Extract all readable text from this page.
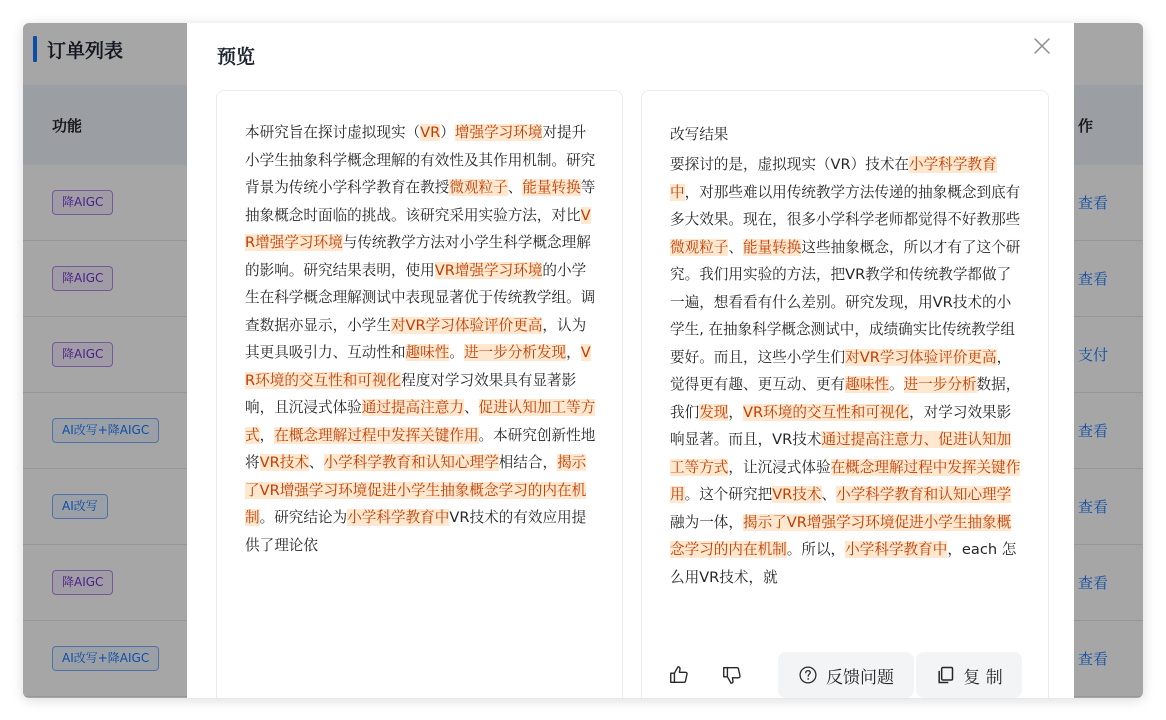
订单列表
功能	作
降AIGC	查看
降AIGC	查看
降AIGC	支付
AI改写+降AIGC	查看
AI改写	查看
降AIGC	查看
AI改写+降AIGC	查看
预览
本研究旨在探讨虚拟现实（VR）增强学习环境对提升小学生抽象科学概念理解的有效性及其作用机制。研究背景为传统小学科学教育在教授微观粒子、能量转换等抽象概念时面临的挑战。该研究采用实验方法，对比VR增强学习环境与传统教学方法对小学生科学概念理解的影响。研究结果表明，使用VR增强学习环境的小学生在科学概念理解测试中表现显著优于传统教学组。调查数据亦显示，小学生对VR学习体验评价更高，认为其更具吸引力、互动性和趣味性。进一步分析发现，VR环境的交互性和可视化程度对学习效果具有显著影响，且沉浸式体验通过提高注意力、促进认知加工等方式，在概念理解过程中发挥关键作用。本研究创新性地将VR技术、小学科学教育和认知心理学相结合，揭示了VR增强学习环境促进小学生抽象概念学习的内在机制。研究结论为小学科学教育中VR技术的有效应用提供了理论依
改写结果
要探讨的是，虚拟现实（VR）技术在小学科学教育中，对那些难以用传统教学方法传递的抽象概念到底有多大效果。现在，很多小学科学老师都觉得不好教那些微观粒子、能量转换这些抽象概念，所以才有了这个研究。我们用实验的方法，把VR教学和传统教学都做了一遍，想看看有什么差别。研究发现，用VR技术的小学生, 在抽象科学概念测试中，成绩确实比传统教学组要好。而且，这些小学生们对VR学习体验评价更高，觉得更有趣、更互动、更有趣味性。进一步分析数据，我们发现，VR环境的交互性和可视化，对学习效果影响显著。而且，VR技术通过提高注意力、促进认知加工等方式，让沉浸式体验在概念理解过程中发挥关键作用。这个研究把VR技术、小学科学教育和认知心理学融为一体，揭示了VR增强学习环境促进小学生抽象概念学习的内在机制。所以，小学科学教育中，each 怎么用VR技术，就
反馈问题	复 制
